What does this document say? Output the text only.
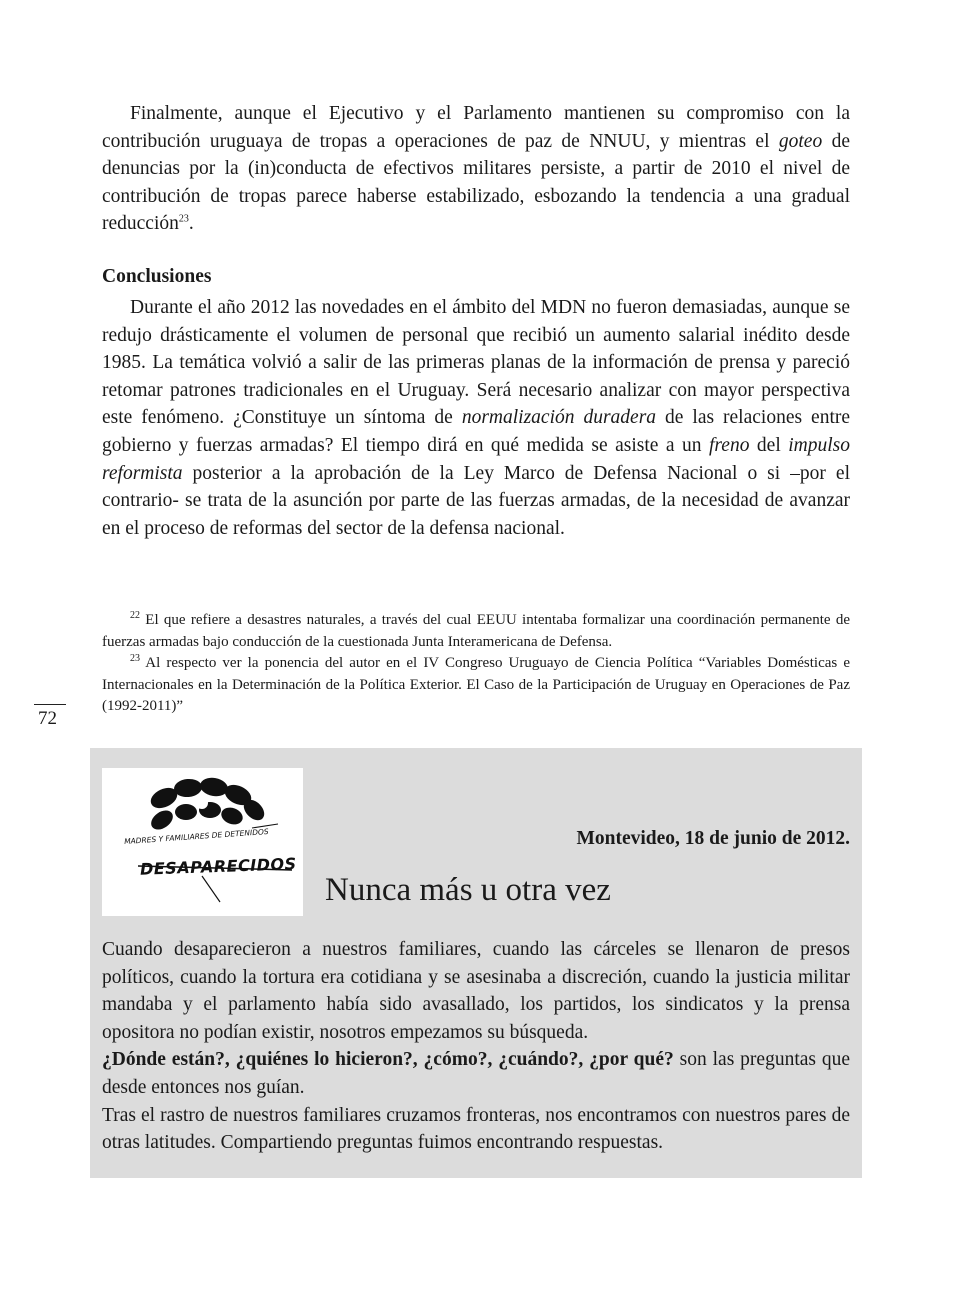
Finalmente, aunque el Ejecutivo y el Parlamento mantienen su compromiso con la contribución uruguaya de tropas a operaciones de paz de NNUU, y mientras el goteo de denuncias por la (in)conducta de efectivos militares persiste, a partir de 2010 el nivel de contribución de tropas parece haberse estabilizado, esbozando la tendencia a una gradual reducción$^{23}$.

Conclusiones

Durante el año 2012 las novedades en el ámbito del MDN no fueron demasiadas, aunque se redujo drásticamente el volumen de personal que recibió un aumento salarial inédito desde 1985. La temática volvió a salir de las primeras planas de la información de prensa y pareció retomar patrones tradicionales en el Uruguay. Será necesario analizar con mayor perspectiva este fenómeno. ¿Constituye un síntoma de normalización duradera de las relaciones entre gobierno y fuerzas armadas? El tiempo dirá en qué medida se asiste a un freno del impulso reformista posterior a la aprobación de la Ley Marco de Defensa Nacional o si –por el contrario- se trata de la asunción por parte de las fuerzas armadas, de la necesidad de avanzar en el proceso de reformas del sector de la defensa nacional.

$^{22}$ El que refiere a desastres naturales, a través del cual EEUU intentaba formalizar una coordinación permanente de fuerzas armadas bajo conducción de la cuestionada Junta Interamericana de Defensa.

$^{23}$ Al respecto ver la ponencia del autor en el IV Congreso Uruguayo de Ciencia Política “Variables Domésticas e Internacionales en la Determinación de la Política Exterior. El Caso de la Participación de Uruguay en Operaciones de Paz (1992-2011)”

72
MADRES Y FAMILIARES DE DETENIDOS
DESAPARECIDOS
Montevideo, 18 de junio de 2012.
Nunca más u otra vez

Cuando desaparecieron a nuestros familiares, cuando las cárceles se llenaron de presos políticos, cuando la tortura era cotidiana y se asesinaba a discreción, cuando la justicia militar mandaba y el parlamento había sido avasallado, los partidos, los sindicatos y la prensa opositora no podían existir, nosotros empezamos su búsqueda.

¿Dónde están?, ¿quiénes lo hicieron?, ¿cómo?, ¿cuándo?, ¿por qué? son las preguntas que desde entonces nos guían.

Tras el rastro de nuestros familiares cruzamos fronteras, nos encontramos con nuestros pares de otras latitudes. Compartiendo preguntas fuimos encontrando respuestas.
